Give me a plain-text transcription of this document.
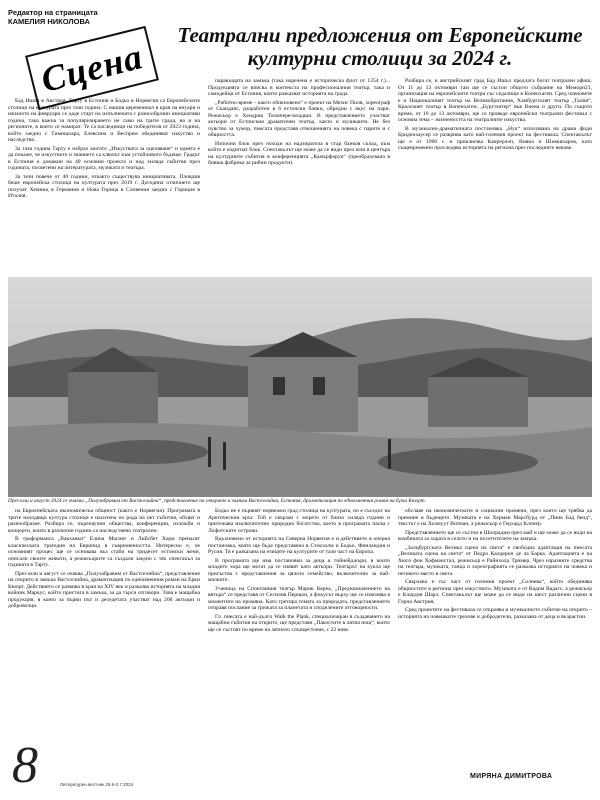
Редактор на страницата
КАМЕЛИЯ НИКОЛОВА
Сцена
Театрални предложения от Европейските културни столици за 2024 г.

Бад Ишъл в Австрия, Тарту в Естония и Бодьо в Норвегия са Европейските столици на културата през тази година. С нашия церемониал в края на януари и началото на февруари се даде старт на изпълнената с разнообразни инициативи година, така важна за популяризирането не само на трите града, но и на регионите, в които се намират. Те са наследници на победителя от 2023 година, който заедно с Тимишоара, Елевсина и Веспрем обединяват изкуство и наследство.

За тази година Тарту е избрал мотото „Изкуствата за оцеляване“ и идеята е да покаже, че изкуството и знанието са ключът към устойчивото бъдеще. Градът в Естония е домакин на 40 основни проекта и над хиляда събития през годината, посветени на литературата, музиката и театъра.

За тези повече от 40 години, откакто съществува инициативата, Пловдив беше европейска столица на културата през 2019 г. Догодина отличието ще получат Хемниц в Германия и Нова Горица в Словения заедно с Гориция в Италия.

паракъщата на замъка (така наречена е историческа флот от 1354 г.)... Продукцията се вписва в контекста на професионалния театър, така и самодейци от Естония, които разказват историята на града.

„Работно време – както обикновено“ е проект на Мехис Пилв, хореограф от Сканданс, разработен в 6 естонски банки, обредни с вкус на пари. Режисьор е Хендрик Тоомпере-младши. В представлението участват актьори от Естонския драматичен театър, както и музиканти. Не без чувство за хумор, пиесата представя отношенията на човека с парите и с общността.

Изпочни блок през походи на надзиратела в стар банков склад, към който е издигнат блок. Спектакълът ще може да се види през юли в центъра на културните събития в конференцията „Камърфорук“ (преобразувана в бивша фабрика за рибни продукти).

Разбира се, и австрийският град Бад Ишъл предлага богат театрален афиш. От 11 до 13 октомври там ще се състои общото събрание на Мемори21, организация на европейските театри със седалище в Копенхаген. Сред членовете е и Националният театър на Великобритания, Хамбургският театър „Талия“, Кралският театър в Копенхаген, „Бургтеатер“ във Виена и други. По същото време, от 10 до 13 октомври, ще се проведе европейски театрален фестивал с основна тема – жизнеността на театралните изкуства.

В музикално-драматичната постановка „Нук“ използвана на драма фиди Бриденхаусер се разкрива като най-големия проект на фестивала. Спектакълът ще е от 1900 г. и приключва Капрерлоп, Вивиа и Шимшоаров, като същевременно проследява историята на региона през последните векове.

През юли и август 2024 се очаква „Полузабравим от Вастселийна“, представление на открито в замъка Вастселийна, Естония, драматизация по едноименния роман на Ерки Кюорт.

на Евроепейската икономическа общност (както е Норвегия). Програмата в трите находящи култура столици е наситена по рода на пет събития, обхват и разнообразие. Разбира се, пъренаучни общества, конференции, изложби и концерти, които в различни години са наследствено театрални.

В траформанса „Вакханки“ Елина Масинг и Лийсбет Хорм пренасят класическата трагедия на Еврипид в съвременността. Интересно е, че основният процес ще се основава въз стаби на тридесет естонски жени, описали своите животи, а режисьорите са създали заедно с тях спектакъл за годината в Тарту.

През юли и август се очаква „Полузабравим от Вастселийна“, представление на открито в замъка Вастселийна, драматизация по едноименния роман на Ерки Кюорт. Действието се развива в края на XIV век и разказва историята на младия войник Маркус, който пристига в замъка, за да търси отговори. Това е мащабна продукция, в която за първи път и деседетата участват над 200 актьори и доброволци.

Бодьо не е първият норвежки град столица на културата, но е съседът на Арктическия кръг. Той е свързан с морето от близо хиляда години и притежава изключително природно богатство, което в програмата пасва с Лофотските острови.

Вдъхновено от историята на Северна Норвегия е и действието в оперна постановка, която ще бъде представена в Стокхолм и Бодьо, Финландия и Русия. Тя е разказана на езиците на културите от тази част на Европа.

В програмата ще има постановки за деца и тийнейджъри, в които младите хора ще могат да се изявят като актьори. Театърът на кукла ще присъства с представления за цялото семейство, включително за най-малките.

Ученица на Спонтанния театър Марик Кереа, „Предназначението на вятъра“ се представя от Сесилия Перщон, а фокусът върху ще се изяснява в моментите на промяна. Като третира темата за природата, представлението отправя послание за грижата за планетата и споделените отговорности.

Гл. пиесата е най-дълго Walk the Plank, специализиран в създаването на мащабни събития на открито, ще представи „Пакостите в лятна нощ“, които ще се състоят по време на лятното слънцестоене, с 22 юни.

обславе на икономическите и социални промени, през които ще трябва да премине в бъдещето. Музиката е на Херман Марсбурд от „Пинк Бад бенд“, текстът е на Холмуут Витман, а режисьор е Герхард Клопер.

Представлението ще се състои в Шопрадим през май и ще може да се види на комбината за хората в селото и на посетителите на замъка.

„Залцбургската Велика сцена на света“ е свободна адаптация на пиесата „Великата сцена на света“ от Педро Калдерон де ла Барка. Адаптацията е на Хюго фон Хофманстал, режисьор е Райнхолд Тример. Чрез изразните средства на театъра, музиката, танца и хореографията се разказва историята на човека и неговото място в света.

Свързана е със част от големия проект „Солнева“, който обединява общностите в региона чрез изкуството. Музиката е от Вадим Вадагс, а режисьор е Клаудия Шарл. Спектакълът ще може да се види на шест различни сцени в Горна Австрия.

Сред проектите на фестивала се откроява и музикалното събитие на открито – историята на човешките грехове и добродетели, разказана от деца и възрастни.

8	Литературен вестник 28.6-2.7.2024
МИРЯНА ДИМИТРОВА
